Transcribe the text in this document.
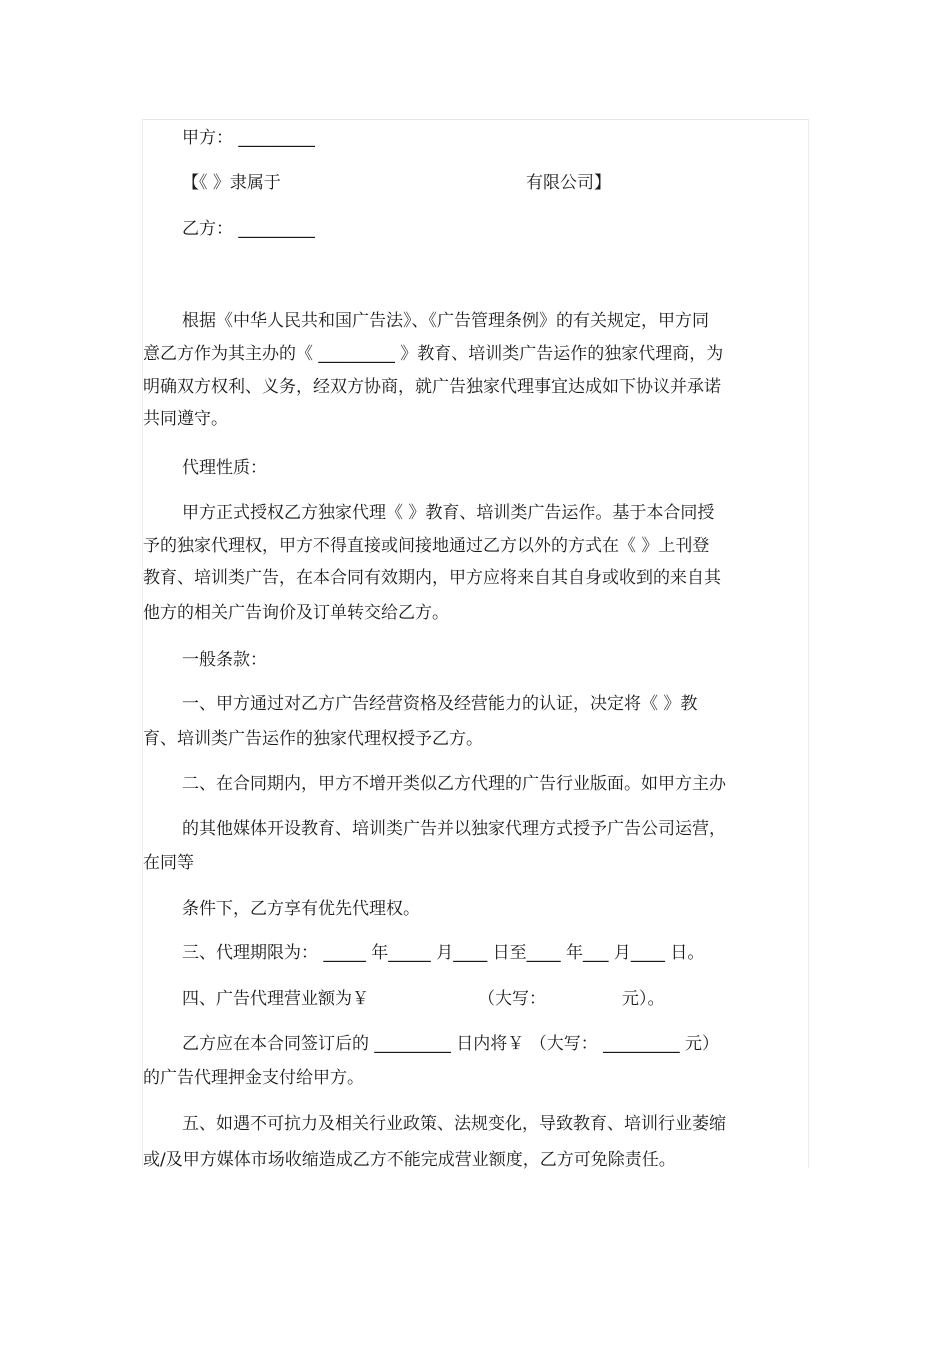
甲方： _________
【《 》隶属于	有限公司】
乙方： _________
根据《中华人民共和国广告法》、《广告管理条例》的有关规定，甲方同
意乙方作为其主办的《 _________ 》教育、培训类广告运作的独家代理商，为
明确双方权利、义务，经双方协商，就广告独家代理事宜达成如下协议并承诺
共同遵守。
代理性质：
甲方正式授权乙方独家代理《 》教育、培训类广告运作。基于本合同授
予的独家代理权，甲方不得直接或间接地通过乙方以外的方式在《 》上刊登
教育、培训类广告，在本合同有效期内，甲方应将来自其自身或收到的来自其
他方的相关广告询价及订单转交给乙方。
一般条款：
一、甲方通过对乙方广告经营资格及经营能力的认证，决定将《 》教
育、培训类广告运作的独家代理权授予乙方。
二、在合同期内，甲方不增开类似乙方代理的广告行业版面。如甲方主办
的其他媒体开设教育、培训类广告并以独家代理方式授予广告公司运营，
在同等
条件下，乙方享有优先代理权。
三、代理期限为： _____ 年_____ 月____ 日至____ 年___ 月____ 日。
四、广告代理营业额为￥	（大写：	元）。
乙方应在本合同签订后的 _________ 日内将￥ （大写： _________ 元）
的广告代理押金支付给甲方。
五、如遇不可抗力及相关行业政策、法规变化，导致教育、培训行业萎缩
或/及甲方媒体市场收缩造成乙方不能完成营业额度，乙方可免除责任。
